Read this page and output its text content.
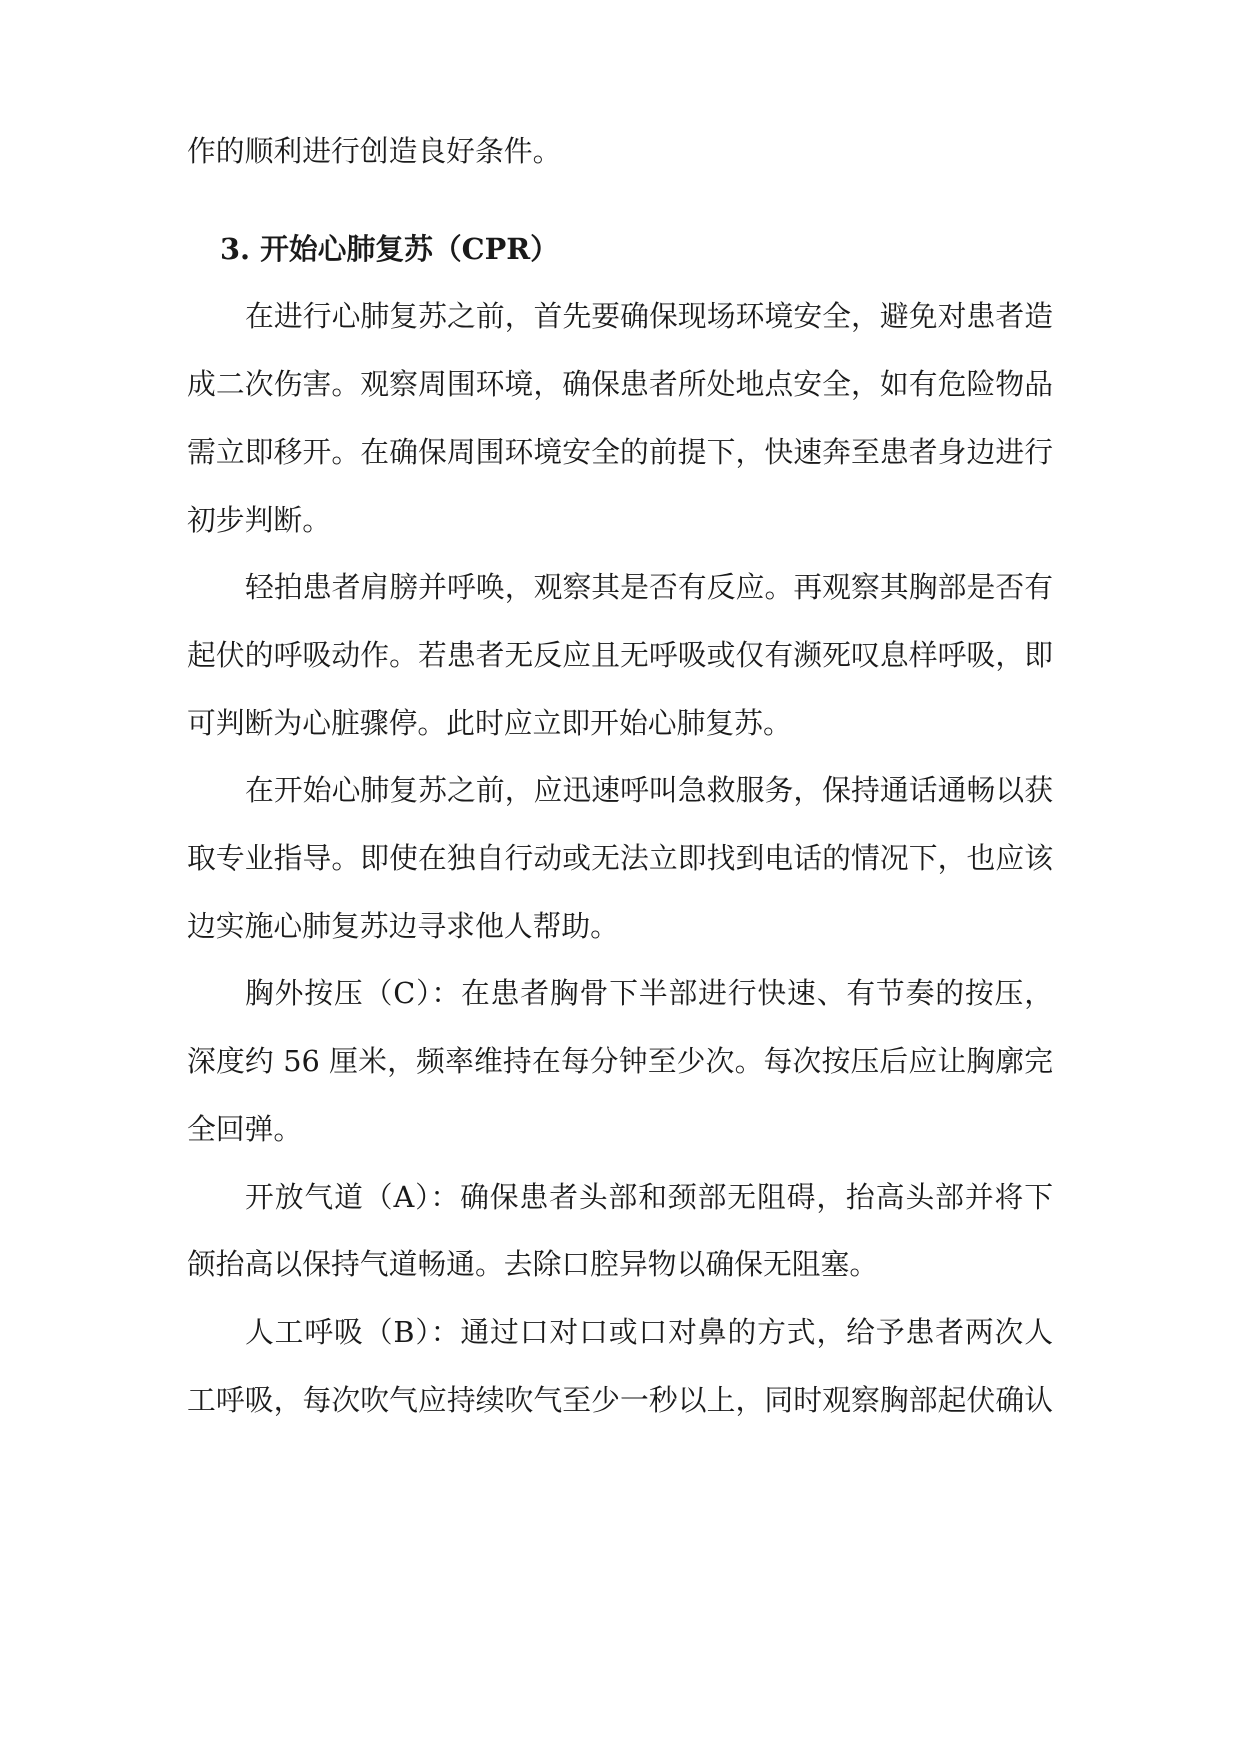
作的顺利进行创造良好条件。
3. 开始心肺复苏（CPR）
在进行心肺复苏之前，首先要确保现场环境安全，避免对患者造
成二次伤害。观察周围环境，确保患者所处地点安全，如有危险物品
需立即移开。在确保周围环境安全的前提下，快速奔至患者身边进行
初步判断。
轻拍患者肩膀并呼唤，观察其是否有反应。再观察其胸部是否有
起伏的呼吸动作。若患者无反应且无呼吸或仅有濒死叹息样呼吸，即
可判断为心脏骤停。此时应立即开始心肺复苏。
在开始心肺复苏之前，应迅速呼叫急救服务，保持通话通畅以获
取专业指导。即使在独自行动或无法立即找到电话的情况下，也应该
边实施心肺复苏边寻求他人帮助。
胸外按压（C）：在患者胸骨下半部进行快速、有节奏的按压，
深度约 56 厘米，频率维持在每分钟至少次。每次按压后应让胸廓完
全回弹。
开放气道（A）：确保患者头部和颈部无阻碍，抬高头部并将下
颌抬高以保持气道畅通。去除口腔异物以确保无阻塞。
人工呼吸（B）：通过口对口或口对鼻的方式，给予患者两次人
工呼吸，每次吹气应持续吹气至少一秒以上，同时观察胸部起伏确认
